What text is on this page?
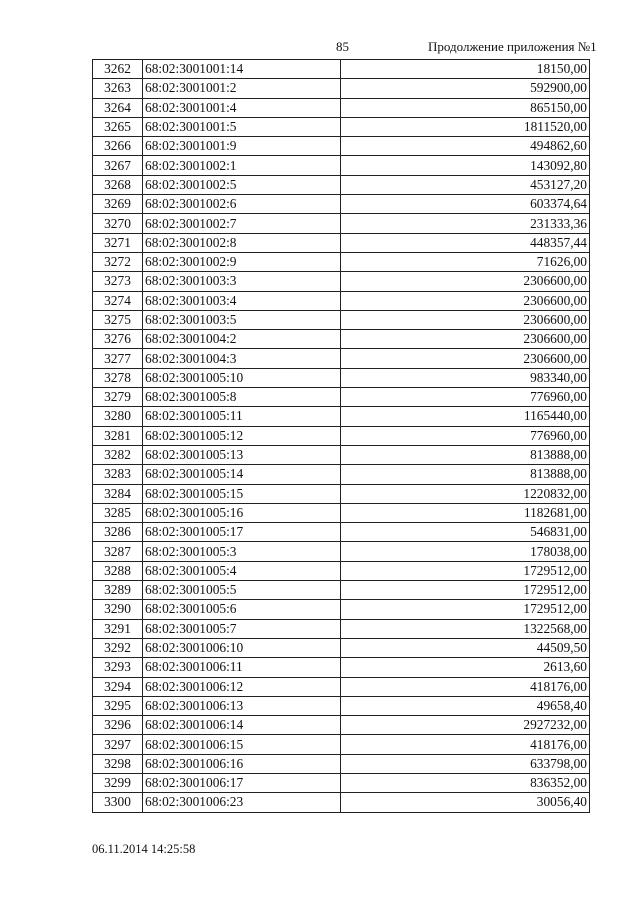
85	Продолжение приложения №1
3262	68:02:3001001:14	18150,00
3263	68:02:3001001:2	592900,00
3264	68:02:3001001:4	865150,00
3265	68:02:3001001:5	1811520,00
3266	68:02:3001001:9	494862,60
3267	68:02:3001002:1	143092,80
3268	68:02:3001002:5	453127,20
3269	68:02:3001002:6	603374,64
3270	68:02:3001002:7	231333,36
3271	68:02:3001002:8	448357,44
3272	68:02:3001002:9	71626,00
3273	68:02:3001003:3	2306600,00
3274	68:02:3001003:4	2306600,00
3275	68:02:3001003:5	2306600,00
3276	68:02:3001004:2	2306600,00
3277	68:02:3001004:3	2306600,00
3278	68:02:3001005:10	983340,00
3279	68:02:3001005:8	776960,00
3280	68:02:3001005:11	1165440,00
3281	68:02:3001005:12	776960,00
3282	68:02:3001005:13	813888,00
3283	68:02:3001005:14	813888,00
3284	68:02:3001005:15	1220832,00
3285	68:02:3001005:16	1182681,00
3286	68:02:3001005:17	546831,00
3287	68:02:3001005:3	178038,00
3288	68:02:3001005:4	1729512,00
3289	68:02:3001005:5	1729512,00
3290	68:02:3001005:6	1729512,00
3291	68:02:3001005:7	1322568,00
3292	68:02:3001006:10	44509,50
3293	68:02:3001006:11	2613,60
3294	68:02:3001006:12	418176,00
3295	68:02:3001006:13	49658,40
3296	68:02:3001006:14	2927232,00
3297	68:02:3001006:15	418176,00
3298	68:02:3001006:16	633798,00
3299	68:02:3001006:17	836352,00
3300	68:02:3001006:23	30056,40
06.11.2014 14:25:58
